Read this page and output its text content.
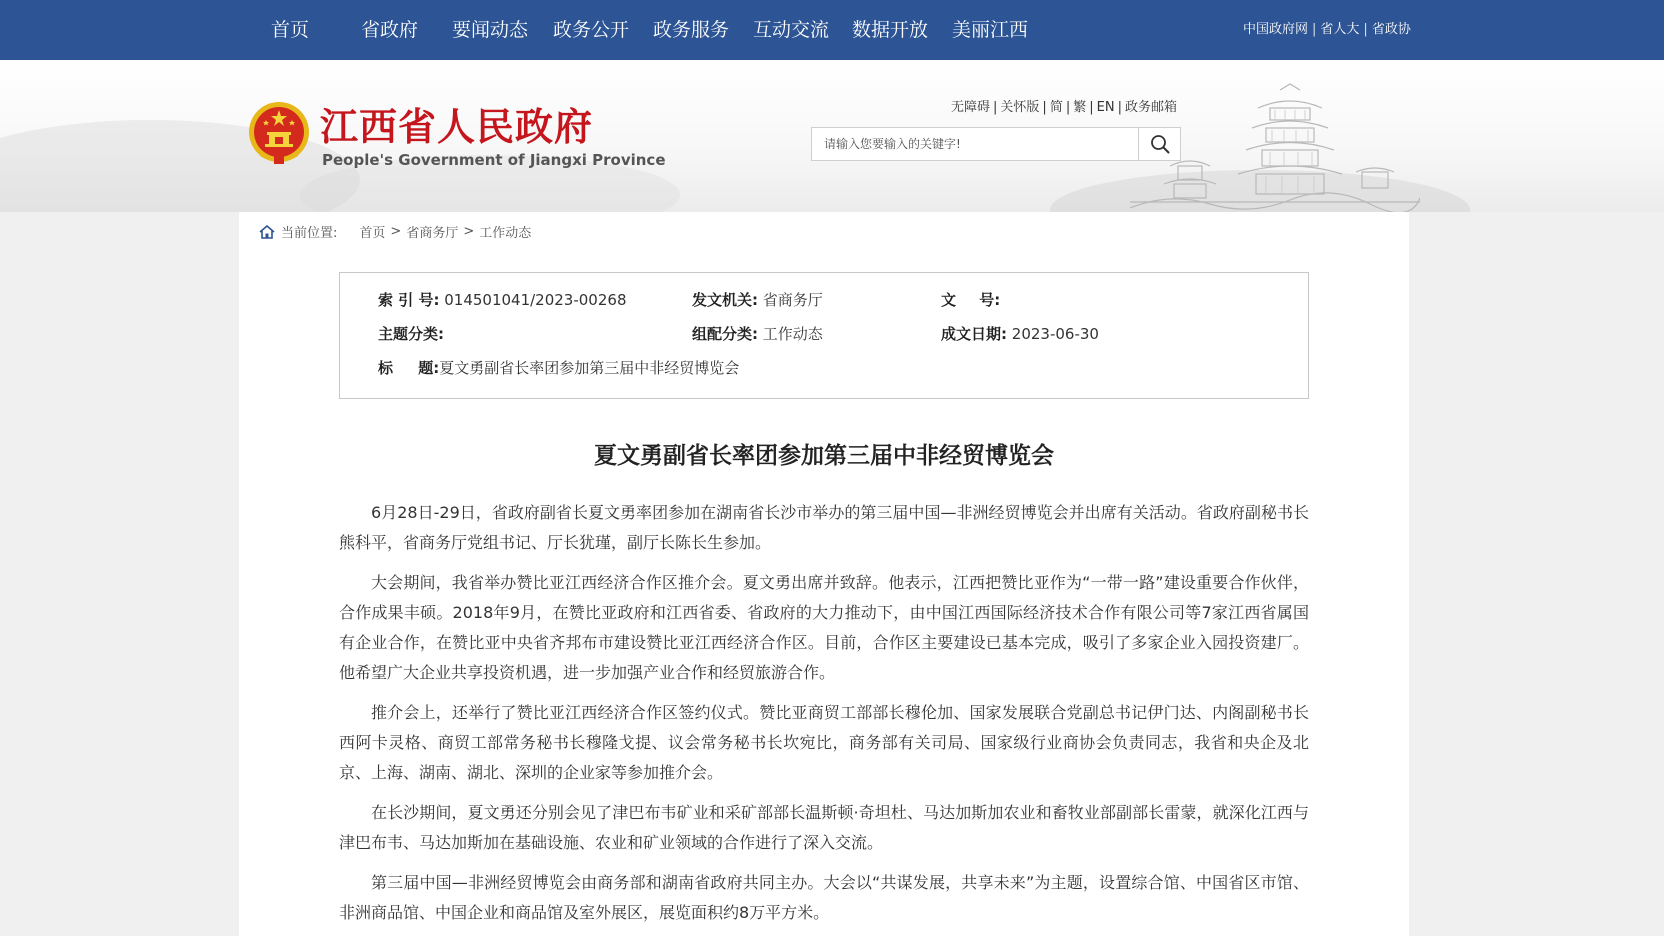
首页	省政府 要闻动态 政务公开 政务服务 互动交流 数据开放 美丽江西	中国政府网 | 省人大 | 省政协
江西省人民政府
People's Government of Jiangxi Province
无障碍 | 关怀版 | 简 | 繁 | EN | 政务邮箱
请输入您要输入的关键字!
当前位置: 首页 > 省商务厅 > 工作动态
索 引 号: 014501041/2023-00268	发文机关: 省商务厅	文 号:
主题分类:	组配分类: 工作动态	成文日期: 2023-06-30
标 题:夏文勇副省长率团参加第三届中非经贸博览会
夏文勇副省长率团参加第三届中非经贸博览会

6月28日-29日，省政府副省长夏文勇率团参加在湖南省长沙市举办的第三届中国—非洲经贸博览会并出席有关活动。省政府副秘书长熊科平，省商务厅党组书记、厅长犹瑾，副厅长陈长生参加。

大会期间，我省举办赞比亚江西经济合作区推介会。夏文勇出席并致辞。他表示，江西把赞比亚作为“一带一路”建设重要合作伙伴，合作成果丰硕。2018年9月，在赞比亚政府和江西省委、省政府的大力推动下，由中国江西国际经济技术合作有限公司等7家江西省属国有企业合作，在赞比亚中央省齐邦布市建设赞比亚江西经济合作区。目前，合作区主要建设已基本完成，吸引了多家企业入园投资建厂。他希望广大企业共享投资机遇，进一步加强产业合作和经贸旅游合作。

推介会上，还举行了赞比亚江西经济合作区签约仪式。赞比亚商贸工部部长穆伦加、国家发展联合党副总书记伊门达、内阁副秘书长西阿卡灵格、商贸工部常务秘书长穆隆戈提、议会常务秘书长坎宛比，商务部有关司局、国家级行业商协会负责同志，我省和央企及北京、上海、湖南、湖北、深圳的企业家等参加推介会。

在长沙期间，夏文勇还分别会见了津巴布韦矿业和采矿部部长温斯顿·奇坦杜、马达加斯加农业和畜牧业部副部长雷蒙，就深化江西与津巴布韦、马达加斯加在基础设施、农业和矿业领域的合作进行了深入交流。

第三届中国—非洲经贸博览会由商务部和湖南省政府共同主办。大会以“共谋发展，共享未来”为主题，设置综合馆、中国省区市馆、非洲商品馆、中国企业和商品馆及室外展区，展览面积约8万平方米。
